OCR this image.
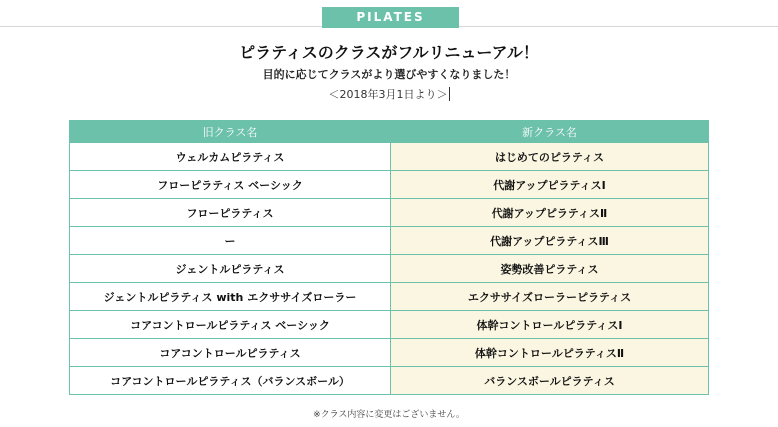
PILATES
ピラティスのクラスがフルリニューアル！
目的に応じてクラスがより選びやすくなりました！
＜2018年3月1日より＞
旧クラス名	新クラス名
ウェルカムピラティス	はじめてのピラティス
フローピラティス ベーシック	代謝アップピラティスⅠ
フローピラティス	代謝アップピラティスⅡ
ー	代謝アップピラティスⅢ
ジェントルピラティス	姿勢改善ピラティス
ジェントルピラティス with エクササイズローラー	エクササイズローラーピラティス
コアコントロールピラティス ベーシック	体幹コントロールピラティスⅠ
コアコントロールピラティス	体幹コントロールピラティスⅡ
コアコントロールピラティス（バランスボール）	バランスボールピラティス
※クラス内容に変更はございません。
